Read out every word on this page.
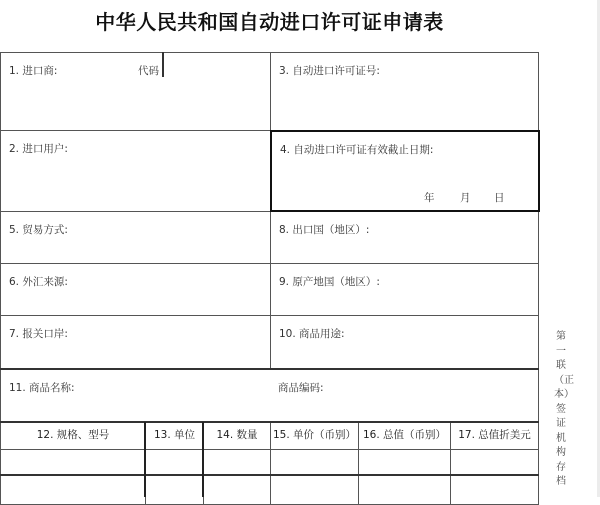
中华人民共和国自动进口许可证申请表
1. 进口商:	代码	3. 自动进口许可证号:
2. 进口用户:	4. 自动进口许可证有效截止日期:
年 月 日
5. 贸易方式:	8. 出口国（地区）:
6. 外汇来源:	9. 原产地国（地区）:
7. 报关口岸:	10. 商品用途:
11. 商品名称:	商品编码:
12. 规格、型号	13. 单位	14. 数量	15. 单价（币别） 16. 总值（币别）	17. 总值折美元
第一联（正本）签证机构存档
